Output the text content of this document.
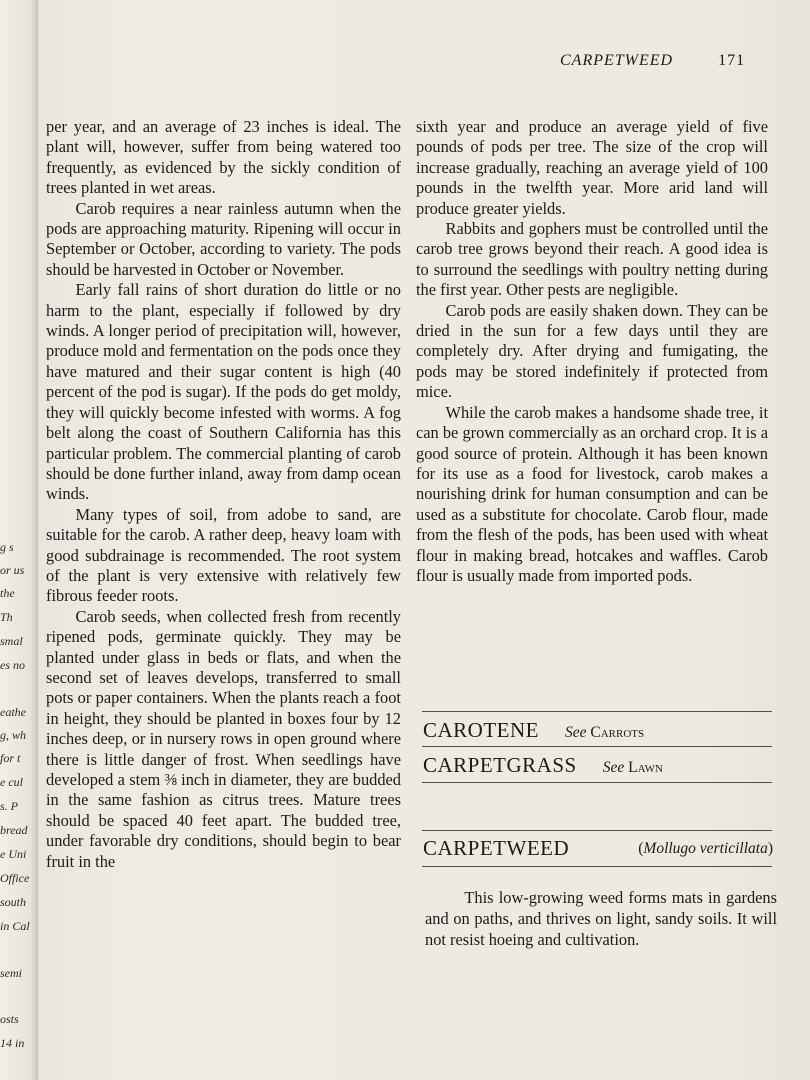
g s
or us
the
Th
smal
es no
eathe
g, wh
for t
e cul
s. P
bread
e Uni
Office
south
in Cal
semi
osts
14 in
CARPETWEED	171

per year, and an average of 23 inches is ideal. The plant will, however, suffer from being watered too frequently, as evidenced by the sickly condition of trees planted in wet areas.

Carob requires a near rainless autumn when the pods are approaching maturity. Ripening will occur in September or October, according to variety. The pods should be harvested in October or November.

Early fall rains of short duration do little or no harm to the plant, especially if followed by dry winds. A longer period of precipitation will, however, produce mold and fermentation on the pods once they have matured and their sugar content is high (40 percent of the pod is sugar). If the pods do get moldy, they will quickly become infested with worms. A fog belt along the coast of Southern California has this particular problem. The commercial planting of carob should be done further inland, away from damp ocean winds.

Many types of soil, from adobe to sand, are suitable for the carob. A rather deep, heavy loam with good subdrainage is recommended. The root system of the plant is very extensive with relatively few fibrous feeder roots.

Carob seeds, when collected fresh from recently ripened pods, germinate quickly. They may be planted under glass in beds or flats, and when the second set of leaves develops, transferred to small pots or paper containers. When the plants reach a foot in height, they should be planted in boxes four by 12 inches deep, or in nursery rows in open ground where there is little danger of frost. When seedlings have developed a stem ⅜ inch in diameter, they are budded in the same fashion as citrus trees. Mature trees should be spaced 40 feet apart. The budded tree, under favorable dry conditions, should begin to bear fruit in the

sixth year and produce an average yield of five pounds of pods per tree. The size of the crop will increase gradually, reaching an average yield of 100 pounds in the twelfth year. More arid land will produce greater yields.

Rabbits and gophers must be controlled until the carob tree grows beyond their reach. A good idea is to surround the seedlings with poultry netting during the first year. Other pests are negligible.

Carob pods are easily shaken down. They can be dried in the sun for a few days until they are completely dry. After drying and fumigating, the pods may be stored indefinitely if protected from mice.

While the carob makes a handsome shade tree, it can be grown commercially as an orchard crop. It is a good source of protein. Although it has been known for its use as a food for livestock, carob makes a nourishing drink for human consumption and can be used as a substitute for chocolate. Carob flour, made from the flesh of the pods, has been used with wheat flour in making bread, hotcakes and waffles. Carob flour is usually made from imported pods.

CAROTENE See Carrots
CARPETGRASS See Lawn
CARPETWEED	(Mollugo verticillata)

This low-growing weed forms mats in gardens and on paths, and thrives on light, sandy soils. It will not resist hoeing and cultivation.
